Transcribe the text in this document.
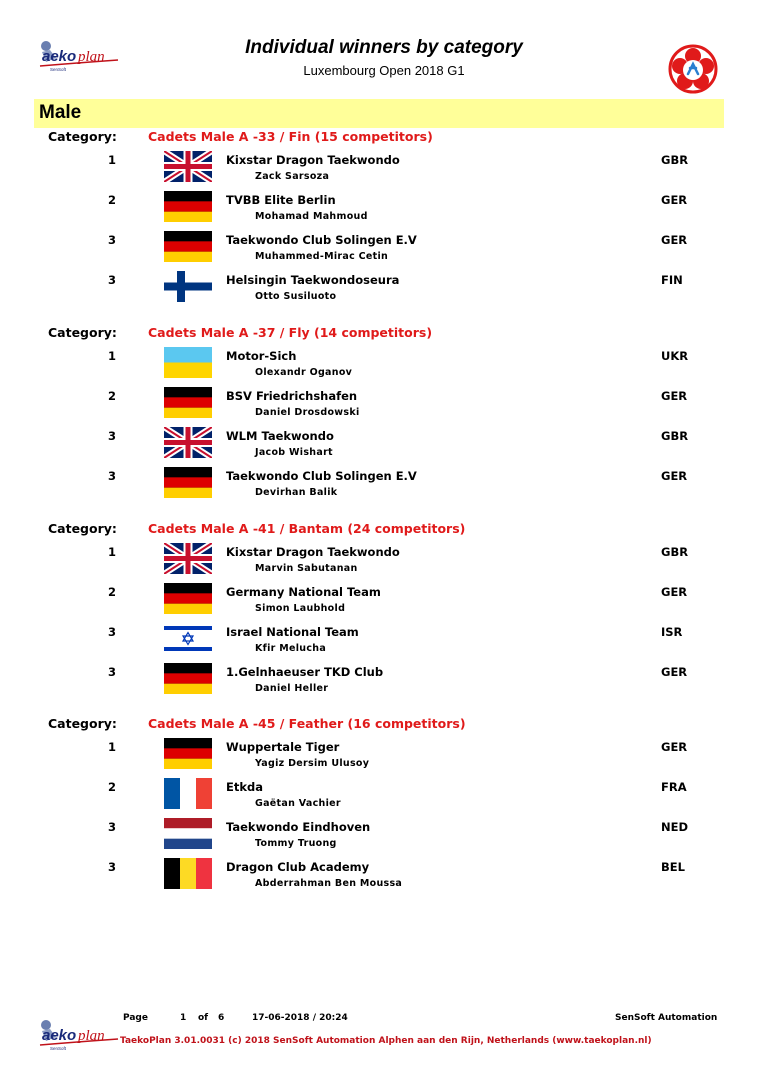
aeko plan
SenSoft
Individual winners by category
Luxembourg Open 2018 G1
Male
Category: Cadets Male A -33 / Fin (15 competitors)
1	Kixstar Dragon Taekwondo
Zack Sarsoza
GBR
2	TVBB Elite Berlin
Mohamad Mahmoud
GER
3	Taekwondo Club Solingen E.V
Muhammed-Mirac Cetin
GER
3	Helsingin Taekwondoseura
Otto Susiluoto
FIN
Category: Cadets Male A -37 / Fly (14 competitors)
1	Motor-Sich
Olexandr Oganov
UKR
2	BSV Friedrichshafen
Daniel Drosdowski
GER
3	WLM Taekwondo
Jacob Wishart
GBR
3	Taekwondo Club Solingen E.V
Devirhan Balik
GER
Category: Cadets Male A -41 / Bantam (24 competitors)
1	Kixstar Dragon Taekwondo
Marvin Sabutanan
GBR
2	Germany National Team
Simon Laubhold
GER
3	Israel National Team
Kfir Melucha
ISR
3	1.Gelnhaeuser TKD Club
Daniel Heller
GER
Category: Cadets Male A -45 / Feather (16 competitors)
1	Wuppertale Tiger
Yagiz Dersim Ulusoy
GER
2	Etkda
Gaëtan Vachier
FRA
3	Taekwondo Eindhoven
Tommy Truong
NED
3	Dragon Club Academy
Abderrahman Ben Moussa
BEL
Page	1 of 6	17-06-2018 / 20:24	SenSoft Automation
aeko plan
SenSoft
TaekoPlan 3.01.0031 (c) 2018 SenSoft Automation Alphen aan den Rijn, Netherlands (www.taekoplan.nl)
